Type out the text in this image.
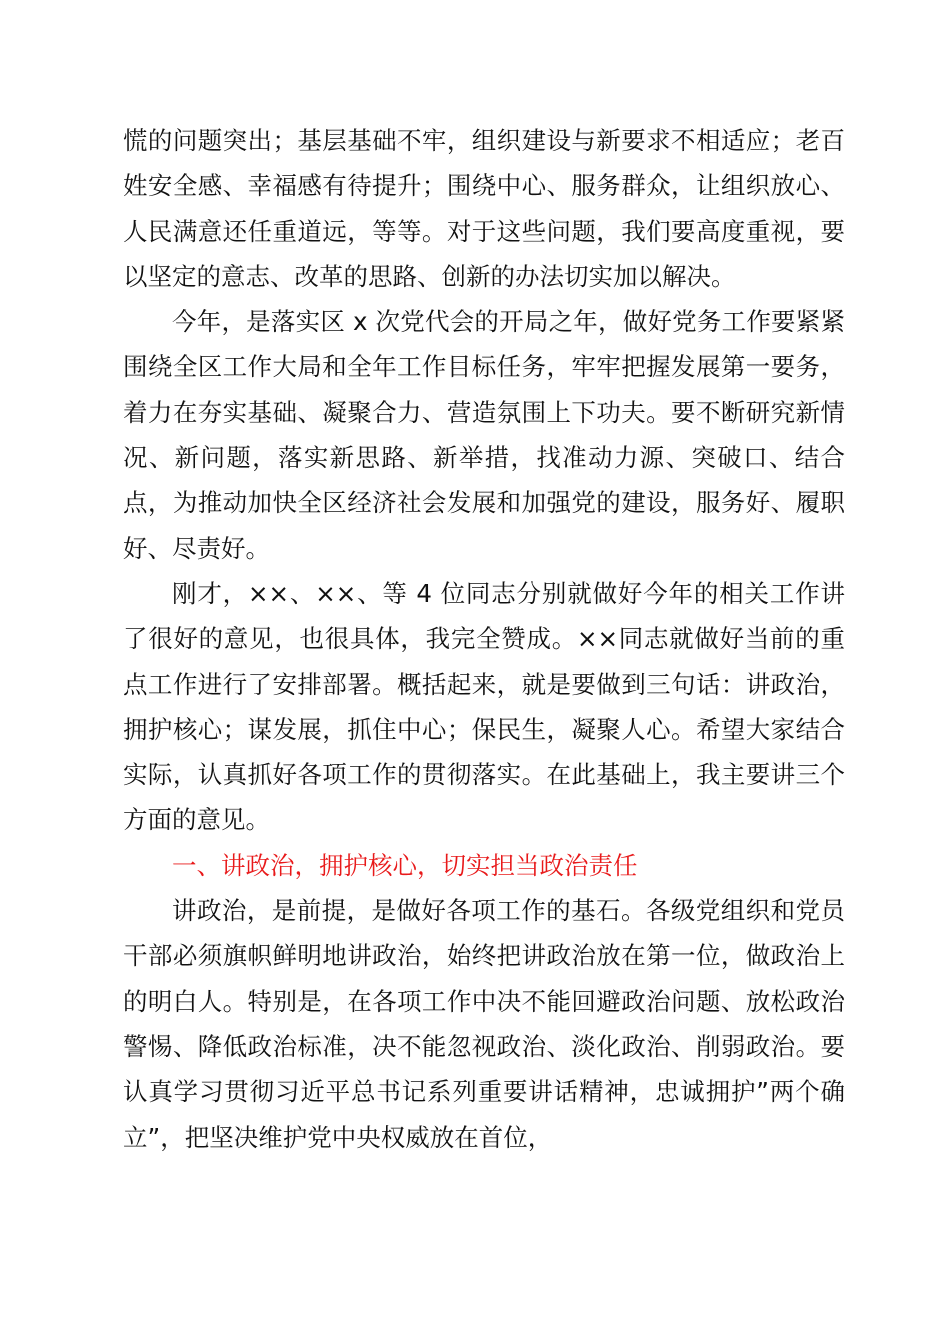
慌的问题突出；基层基础不牢，组织建设与新要求不相适应；老百姓安全感、幸福感有待提升；围绕中心、服务群众，让组织放心、人民满意还任重道远，等等。对于这些问题，我们要高度重视，要以坚定的意志、改革的思路、创新的办法切实加以解决。

今年，是落实区 x 次党代会的开局之年，做好党务工作要紧紧围绕全区工作大局和全年工作目标任务，牢牢把握发展第一要务，着力在夯实基础、凝聚合力、营造氛围上下功夫。要不断研究新情况、新问题，落实新思路、新举措，找准动力源、突破口、结合点，为推动加快全区经济社会发展和加强党的建设，服务好、履职好、尽责好。

刚才，××、××、等 4 位同志分别就做好今年的相关工作讲了很好的意见，也很具体，我完全赞成。××同志就做好当前的重点工作进行了安排部署。概括起来，就是要做到三句话：讲政治，拥护核心；谋发展，抓住中心；保民生，凝聚人心。希望大家结合实际，认真抓好各项工作的贯彻落实。在此基础上，我主要讲三个方面的意见。

一、讲政治，拥护核心，切实担当政治责任

讲政治，是前提，是做好各项工作的基石。各级党组织和党员干部必须旗帜鲜明地讲政治，始终把讲政治放在第一位，做政治上的明白人。特别是，在各项工作中决不能回避政治问题、放松政治警惕、降低政治标准，决不能忽视政治、淡化政治、削弱政治。要认真学习贯彻习近平总书记系列重要讲话精神，忠诚拥护”两个确立”，把坚决维护党中央权威放在首位，
